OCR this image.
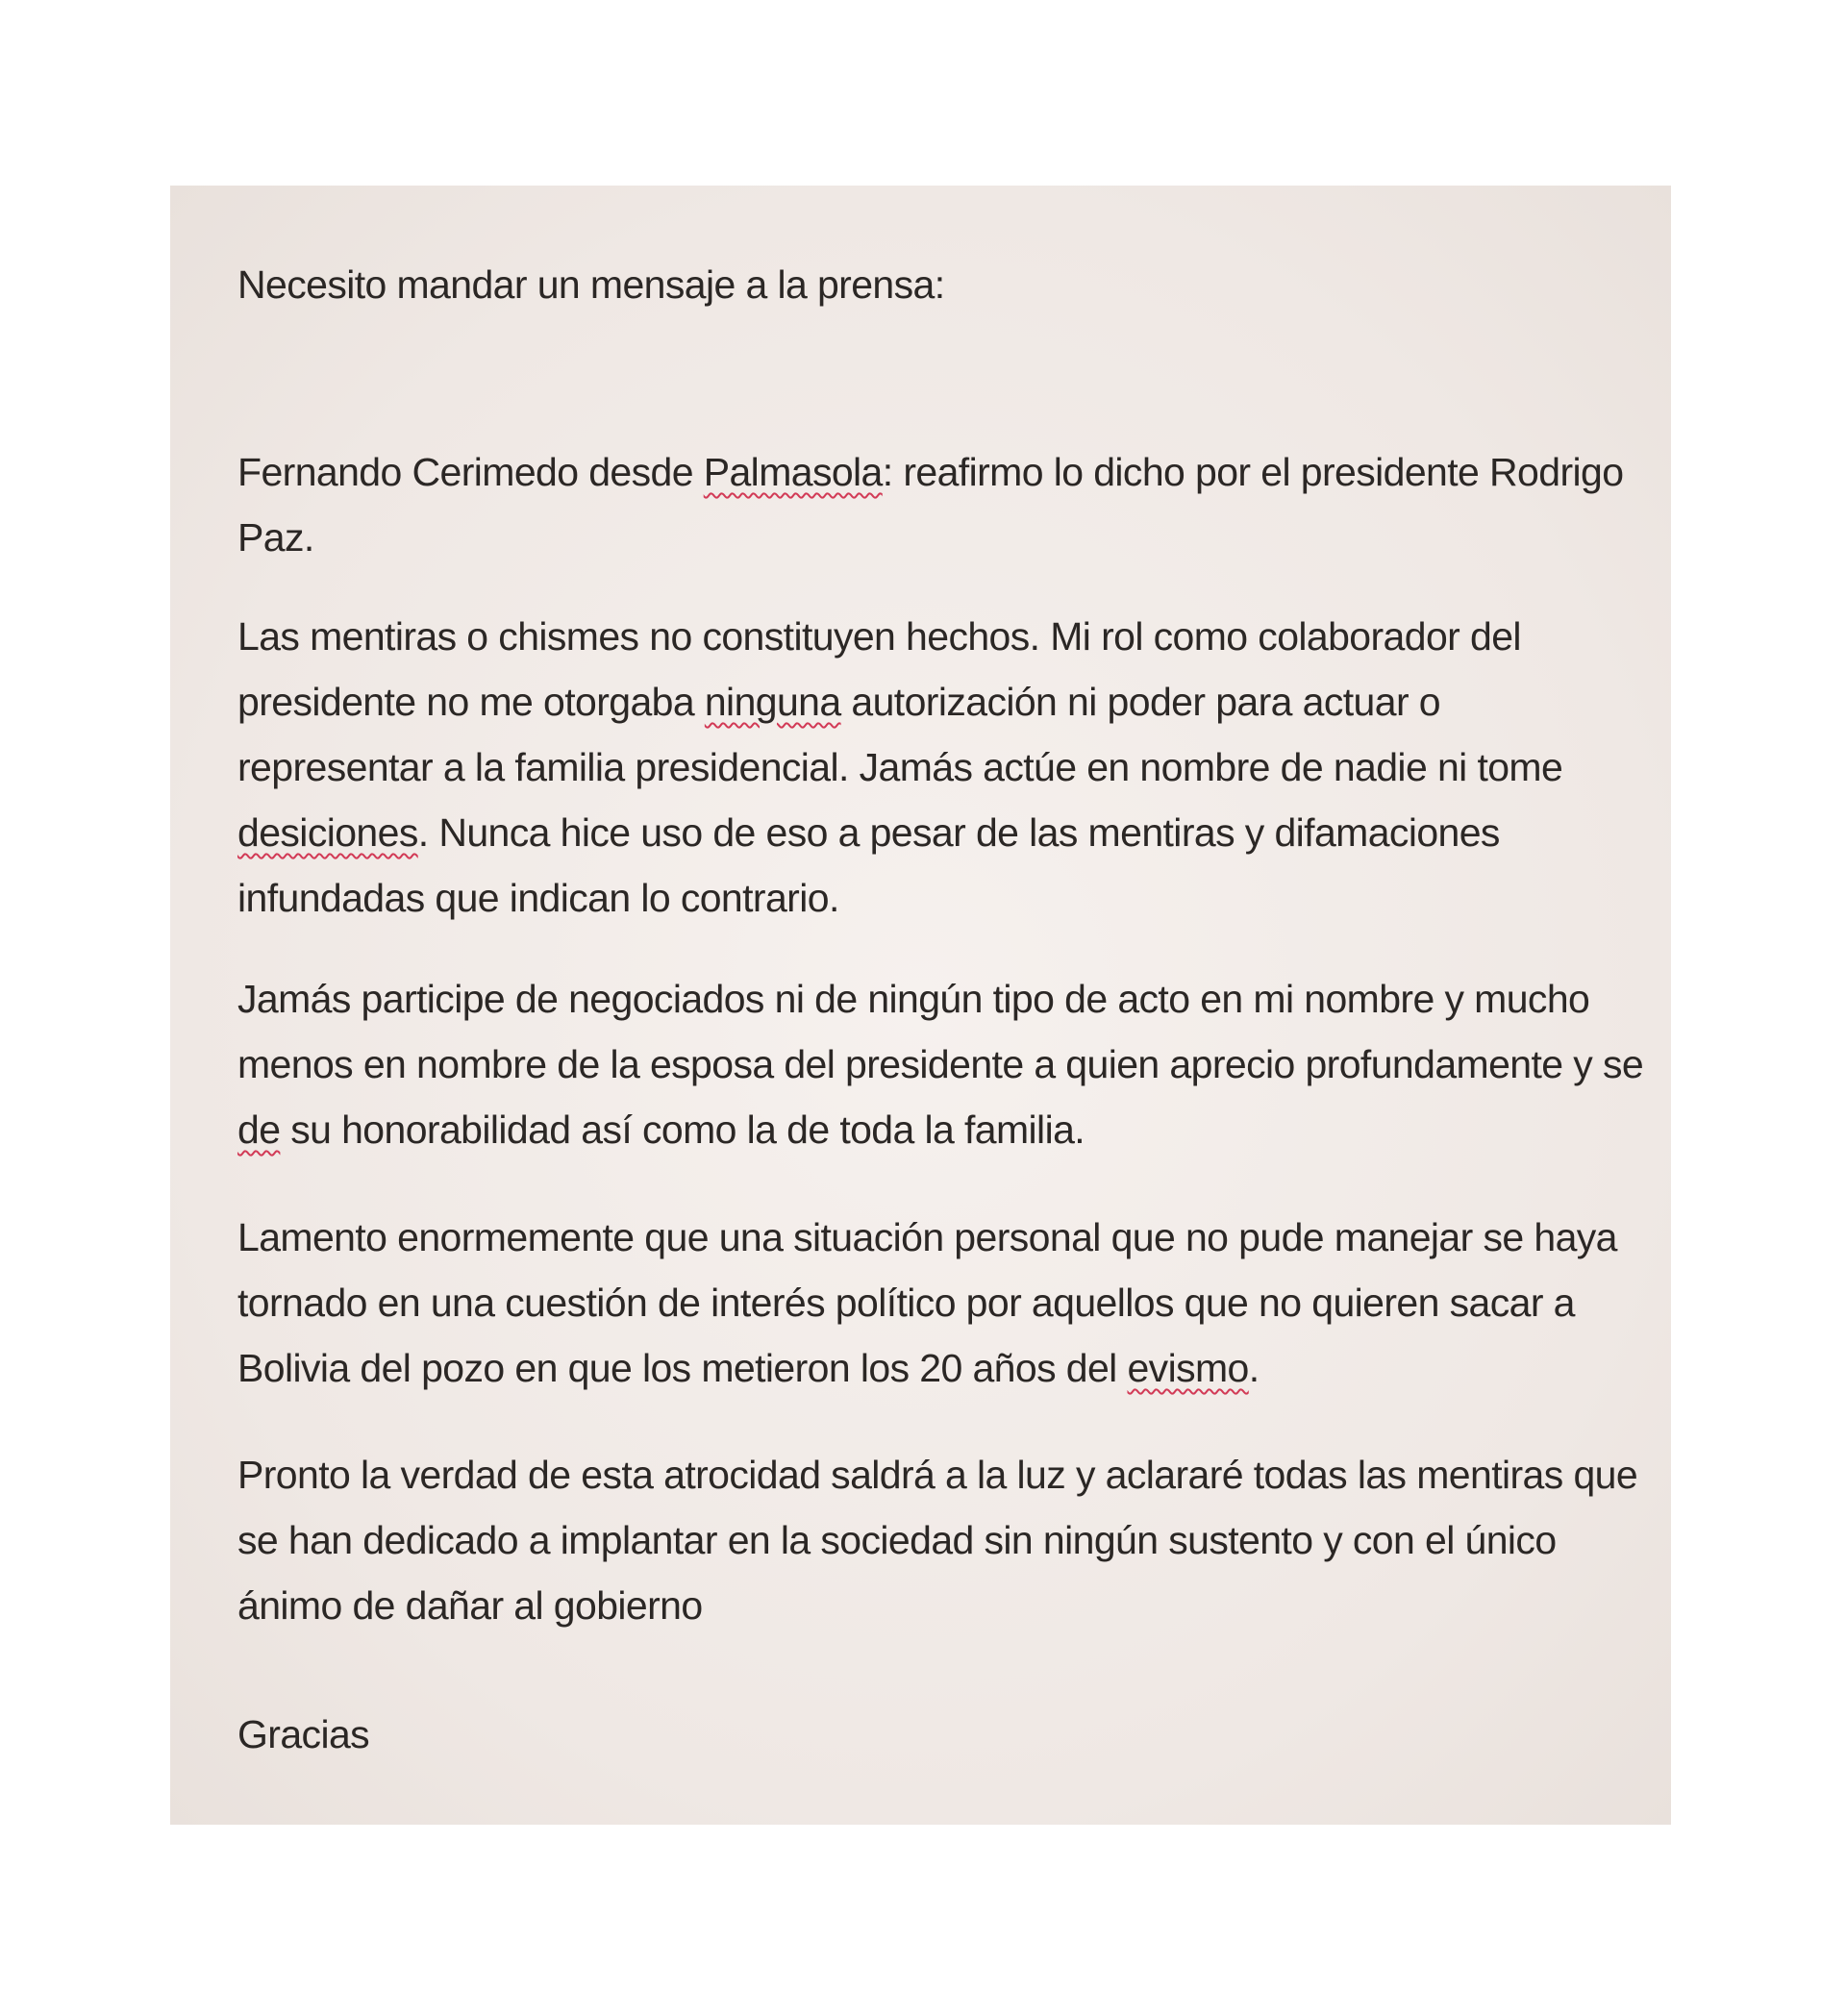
Necesito mandar un mensaje a la prensa:
Fernando Cerimedo desde Palmasola: reafirmo lo dicho por el presidente Rodrigo
Paz.
Las mentiras o chismes no constituyen hechos. Mi rol como colaborador del
presidente no me otorgaba ninguna autorización ni poder para actuar o
representar a la familia presidencial. Jamás actúe en nombre de nadie ni tome
desiciones. Nunca hice uso de eso a pesar de las mentiras y difamaciones
infundadas que indican lo contrario.
Jamás participe de negociados ni de ningún tipo de acto en mi nombre y mucho
menos en nombre de la esposa del presidente a quien aprecio profundamente y se
de su honorabilidad así como la de toda la familia.
Lamento enormemente que una situación personal que no pude manejar se haya
tornado en una cuestión de interés político por aquellos que no quieren sacar a
Bolivia del pozo en que los metieron los 20 años del evismo.
Pronto la verdad de esta atrocidad saldrá a la luz y aclararé todas las mentiras que
se han dedicado a implantar en la sociedad sin ningún sustento y con el único
ánimo de dañar al gobierno
Gracias
